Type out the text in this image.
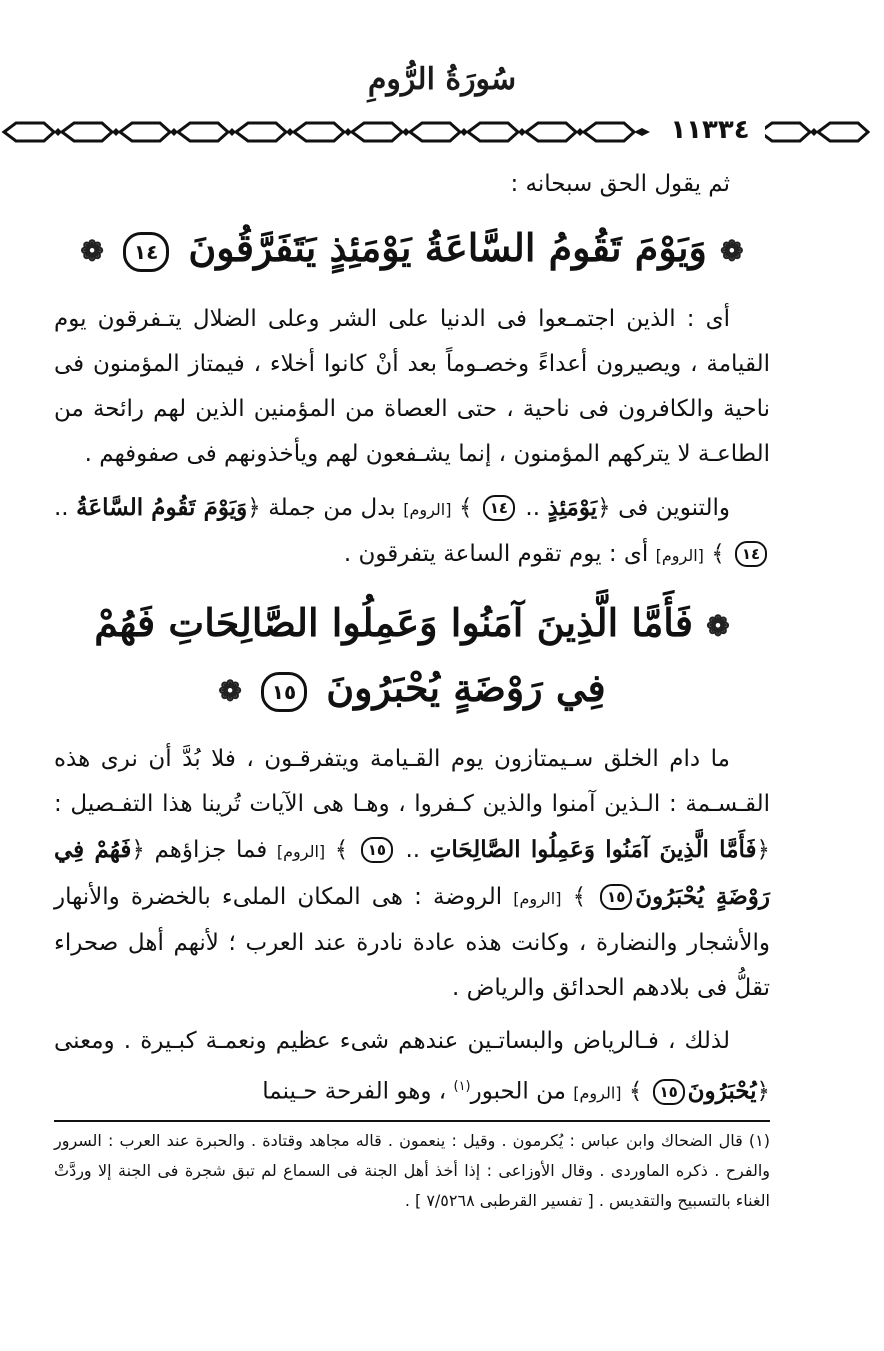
سُورَةُ الرُّومِ
١١٣٣٤

ثم يقول الحق سبحانه :

❁ وَيَوْمَ تَقُومُ السَّاعَةُ يَوْمَئِذٍ يَتَفَرَّقُونَ ١٤ ❁

أى : الذين اجتمـعوا فى الدنيا على الشر وعلى الضلال يتـفرقون يوم القيامة ، ويصيرون أعداءً وخصـوماً بعد أنْ كانوا أخلاء ، فيمتاز المؤمنون فى ناحية والكافرون فى ناحية ، حتى العصاة من المؤمنين الذين لهم رائحة من الطاعـة لا يتركهم المؤمنون ، إنما يشـفعون لهم ويأخذونهم فى صفوفهم .

والتنوين فى ﴿يَوْمَئِذٍ .. ١٤ ﴾ [الروم] بدل من جملة ﴿وَيَوْمَ تَقُومُ السَّاعَةُ .. ١٤ ﴾ [الروم] أى : يوم تقوم الساعة يتفرقون .

❁ فَأَمَّا الَّذِينَ آمَنُوا وَعَمِلُوا الصَّالِحَاتِ فَهُمْ
فِي رَوْضَةٍ يُحْبَرُونَ ١٥ ❁

ما دام الخلق سـيمتازون يوم القـيامة ويتفرقـون ، فلا بُدَّ أن نرى هذه القـسـمة : الـذين آمنوا والذين كـفروا ، وهـا هى الآيات تُرينا هذا التفـصيل : ﴿فَأَمَّا الَّذِينَ آمَنُوا وَعَمِلُوا الصَّالِحَاتِ .. ١٥ ﴾ [الروم] فما جزاؤهم ﴿فَهُمْ فِي رَوْضَةٍ يُحْبَرُونَ١٥ ﴾ [الروم] الروضة : هى المكان الملىء بالخضرة والأنهار والأشجار والنضارة ، وكانت هذه عادة نادرة عند العرب ؛ لأنهم أهل صحراء تقلُّ فى بلادهم الحدائق والرياض .

لذلك ، فـالرياض والبساتـين عندهم شىء عظيم ونعمـة كبـيرة . ومعنى ﴿يُحْبَرُونَ١٥ ﴾ [الروم] من الحبور$^{(١)}$ ، وهو الفرحة حـينما

(١) قال الضحاك وابن عباس : يُكرمون . وقيل : ينعمون . قاله مجاهد وقتادة . والحبرة عند العرب : السرور والفرح . ذكره الماوردى . وقال الأوزاعى : إذا أخذ أهل الجنة فى السماع لم تبق شجرة فى الجنة إلا وردَّتْ الغناء بالتسبيح والتقديس . [ تفسير القرطبى ٧/٥٢٦٨ ] .
